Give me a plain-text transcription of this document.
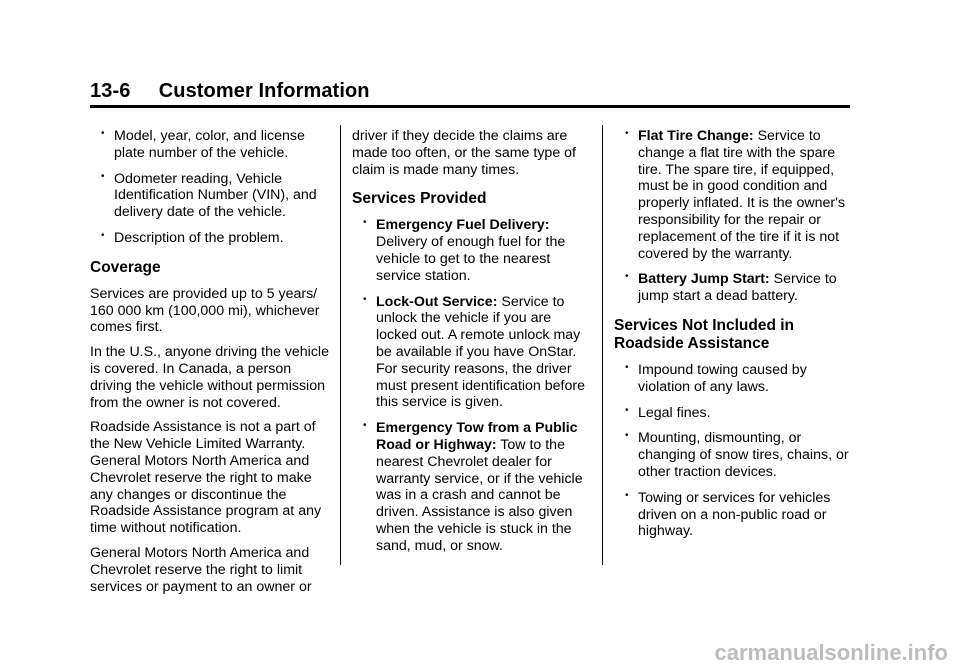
13-6     Customer Information
• Model, year, color, and license plate number of the vehicle.
• Odometer reading, Vehicle Identification Number (VIN), and delivery date of the vehicle.
• Description of the problem.
Coverage

Services are provided up to 5 years/ 160 000 km (100,000 mi), whichever comes first.

In the U.S., anyone driving the vehicle is covered. In Canada, a person driving the vehicle without permission from the owner is not covered.

Roadside Assistance is not a part of the New Vehicle Limited Warranty. General Motors North America and Chevrolet reserve the right to make any changes or discontinue the Roadside Assistance program at any time without notification.

General Motors North America and Chevrolet reserve the right to limit services or payment to an owner or

driver if they decide the claims are made too often, or the same type of claim is made many times.

Services Provided
• Emergency Fuel Delivery: Delivery of enough fuel for the vehicle to get to the nearest service station.
• Lock-Out Service: Service to unlock the vehicle if you are locked out. A remote unlock may be available if you have OnStar. For security reasons, the driver must present identification before this service is given.
• Emergency Tow from a Public Road or Highway: Tow to the nearest Chevrolet dealer for warranty service, or if the vehicle was in a crash and cannot be driven. Assistance is also given when the vehicle is stuck in the sand, mud, or snow.
• Flat Tire Change: Service to change a flat tire with the spare tire. The spare tire, if equipped, must be in good condition and properly inflated. It is the owner's responsibility for the repair or replacement of the tire if it is not covered by the warranty.
• Battery Jump Start: Service to jump start a dead battery.
Services Not Included in Roadside Assistance
• Impound towing caused by violation of any laws.
• Legal fines.
• Mounting, dismounting, or changing of snow tires, chains, or other traction devices.
• Towing or services for vehicles driven on a non-public road or highway.
carmanualsonline.info
